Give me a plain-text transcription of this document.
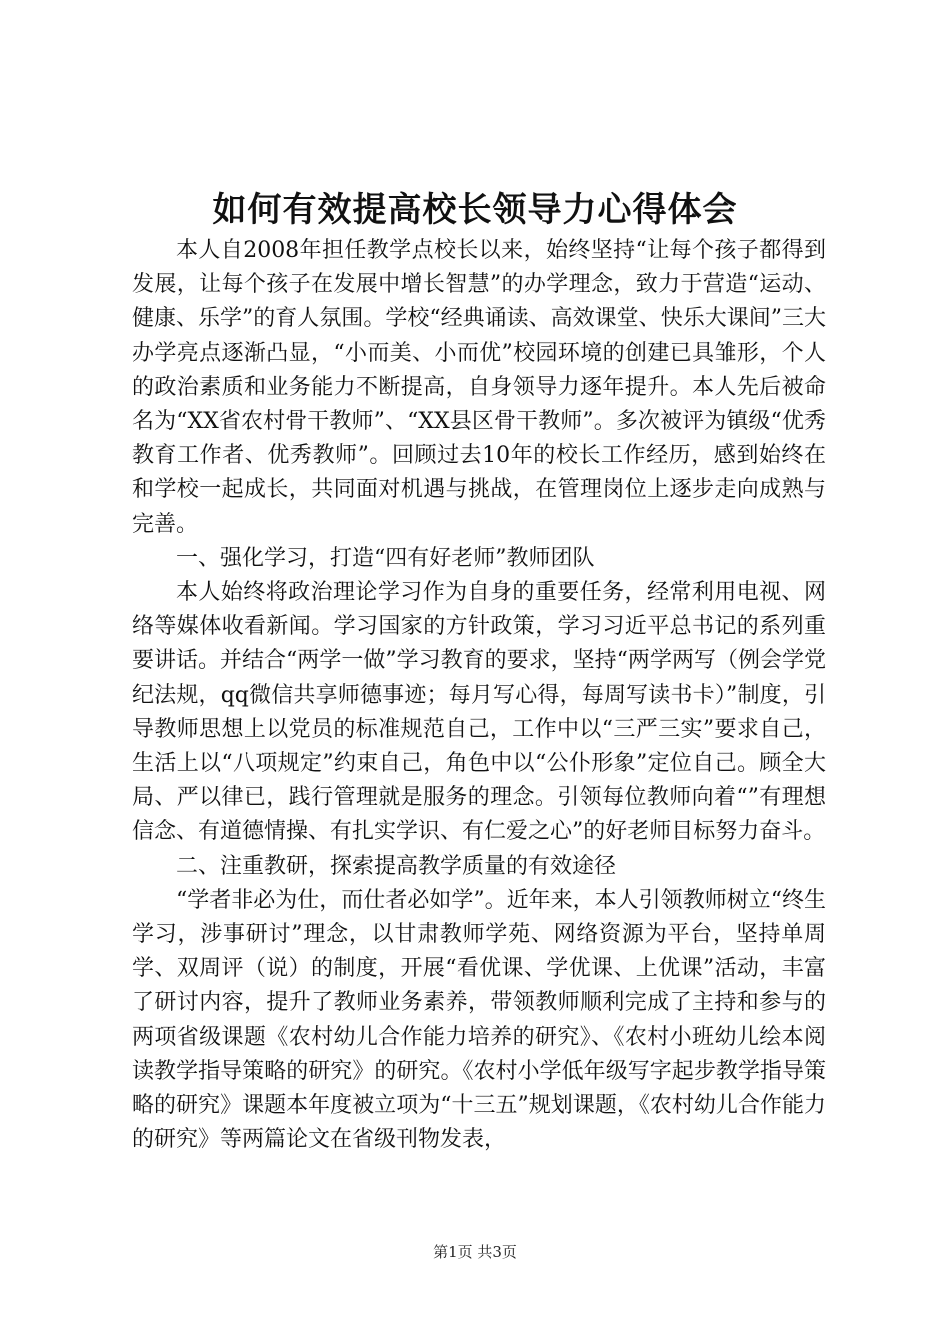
如何有效提高校长领导力心得体会

本人自2008年担任教学点校长以来，始终坚持“让每个孩子都得到发展，让每个孩子在发展中增长智慧”的办学理念，致力于营造“运动、健康、乐学”的育人氛围。学校“经典诵读、高效课堂、快乐大课间”三大办学亮点逐渐凸显，“小而美、小而优”校园环境的创建已具雏形，个人的政治素质和业务能力不断提高，自身领导力逐年提升。本人先后被命名为“XX省农村骨干教师”、“XX县区骨干教师”。多次被评为镇级“优秀教育工作者、优秀教师”。回顾过去10年的校长工作经历，感到始终在和学校一起成长，共同面对机遇与挑战，在管理岗位上逐步走向成熟与完善。

一、强化学习，打造“四有好老师”教师团队

本人始终将政治理论学习作为自身的重要任务，经常利用电视、网络等媒体收看新闻。学习国家的方针政策，学习习近平总书记的系列重要讲话。并结合“两学一做”学习教育的要求，坚持“两学两写（例会学党纪法规，qq微信共享师德事迹；每月写心得，每周写读书卡）”制度，引导教师思想上以党员的标准规范自己，工作中以“三严三实”要求自己，生活上以“八项规定”约束自己，角色中以“公仆形象”定位自己。顾全大局、严以律已，践行管理就是服务的理念。引领每位教师向着“”有理想信念、有道德情操、有扎实学识、有仁爱之心”的好老师目标努力奋斗。

二、注重教研，探索提高教学质量的有效途径

“学者非必为仕，而仕者必如学”。近年来，本人引领教师树立“终生学习，涉事研讨”理念，以甘肃教师学苑、网络资源为平台，坚持单周学、双周评（说）的制度，开展“看优课、学优课、上优课”活动，丰富了研讨内容，提升了教师业务素养，带领教师顺利完成了主持和参与的两项省级课题《农村幼儿合作能力培养的研究》、《农村小班幼儿绘本阅读教学指导策略的研究》的研究。《农村小学低年级写字起步教学指导策略的研究》课题本年度被立项为“十三五”规划课题，《农村幼儿合作能力的研究》等两篇论文在省级刊物发表，

第1页 共3页
